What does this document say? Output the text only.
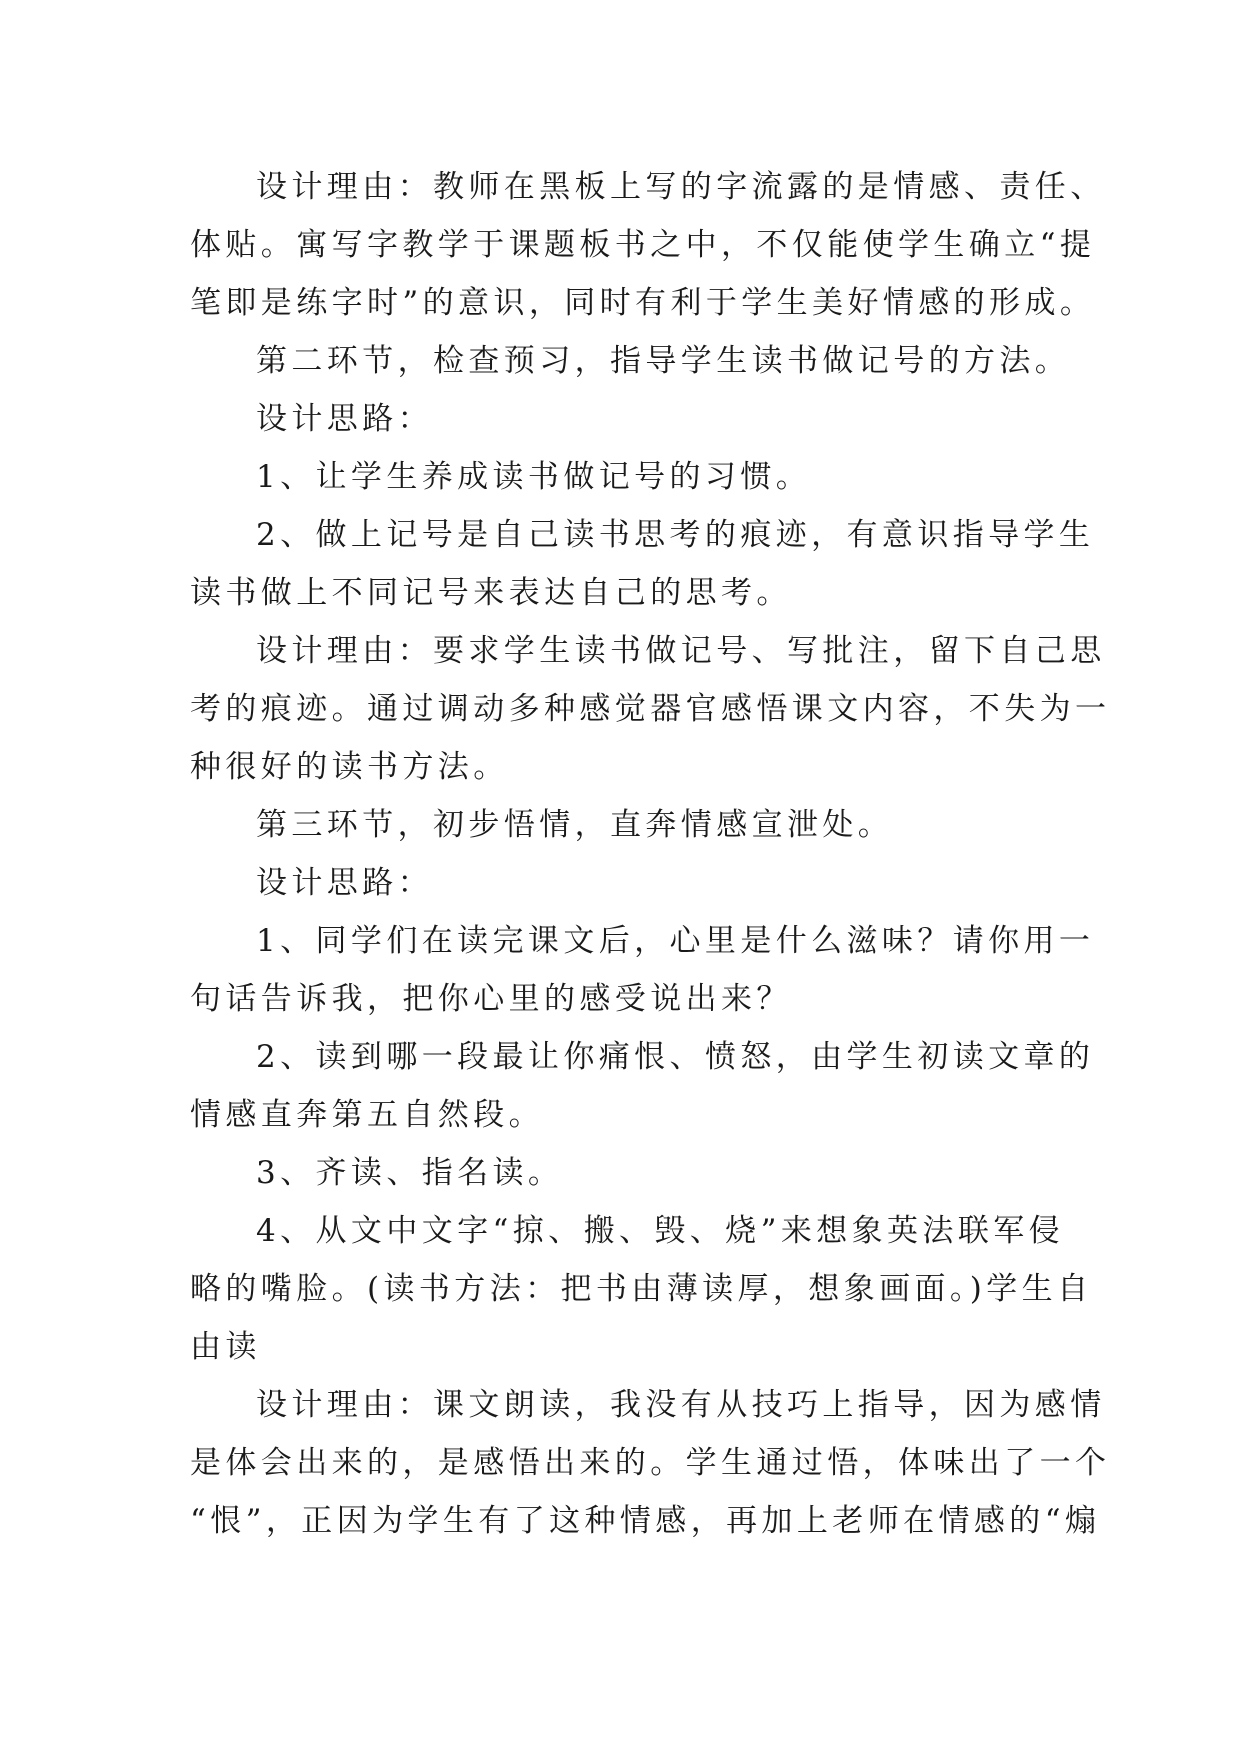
设计理由：教师在黑板上写的字流露的是情感、责任、

体贴。寓写字教学于课题板书之中，不仅能使学生确立“提

笔即是练字时”的意识，同时有利于学生美好情感的形成。

第二环节，检查预习，指导学生读书做记号的方法。

设计思路：

1、让学生养成读书做记号的习惯。

2、做上记号是自己读书思考的痕迹，有意识指导学生

读书做上不同记号来表达自己的思考。

设计理由：要求学生读书做记号、写批注，留下自己思

考的痕迹。通过调动多种感觉器官感悟课文内容，不失为一

种很好的读书方法。

第三环节，初步悟情，直奔情感宣泄处。

设计思路：

1、同学们在读完课文后，心里是什么滋味？请你用一

句话告诉我，把你心里的感受说出来？

2、读到哪一段最让你痛恨、愤怒，由学生初读文章的

情感直奔第五自然段。

3、齐读、指名读。

4、从文中文字“掠、搬、毁、烧”来想象英法联军侵

略的嘴脸。(读书方法：把书由薄读厚，想象画面。)学生自

由读

设计理由：课文朗读，我没有从技巧上指导，因为感情

是体会出来的，是感悟出来的。学生通过悟，体味出了一个

“恨”，正因为学生有了这种情感，再加上老师在情感的“煽
